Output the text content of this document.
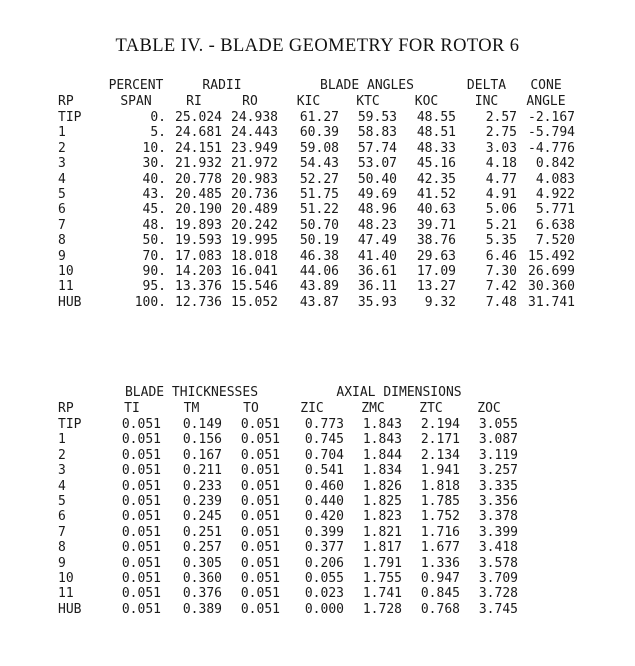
TABLE IV. - BLADE GEOMETRY FOR ROTOR 6
	PERCENT	RADII		BLADE ANGLES			DELTA	CONE
RP	SPAN	RI	RO	KIC	KTC	KOC	INC	ANGLE
TIP	0.	25.024	24.938	61.27	59.53	48.55	2.57	-2.167
1	5.	24.681	24.443	60.39	58.83	48.51	2.75	-5.794
2	10.	24.151	23.949	59.08	57.74	48.33	3.03	-4.776
3	30.	21.932	21.972	54.43	53.07	45.16	4.18	0.842
4	40.	20.778	20.983	52.27	50.40	42.35	4.77	4.083
5	43.	20.485	20.736	51.75	49.69	41.52	4.91	4.922
6	45.	20.190	20.489	51.22	48.96	40.63	5.06	5.771
7	48.	19.893	20.242	50.70	48.23	39.71	5.21	6.638
8	50.	19.593	19.995	50.19	47.49	38.76	5.35	7.520
9	70.	17.083	18.018	46.38	41.40	29.63	6.46	15.492
10	90.	14.203	16.041	44.06	36.61	17.09	7.30	26.699
11	95.	13.376	15.546	43.89	36.11	13.27	7.42	30.360
HUB	100.	12.736	15.052	43.87	35.93	9.32	7.48	31.741
	BLADE THICKNESSES			AXIAL DIMENSIONS			
RP	TI	TM	TO	ZIC	ZMC	ZTC	ZOC
TIP	0.051	0.149	0.051	0.773	1.843	2.194	3.055
1	0.051	0.156	0.051	0.745	1.843	2.171	3.087
2	0.051	0.167	0.051	0.704	1.844	2.134	3.119
3	0.051	0.211	0.051	0.541	1.834	1.941	3.257
4	0.051	0.233	0.051	0.460	1.826	1.818	3.335
5	0.051	0.239	0.051	0.440	1.825	1.785	3.356
6	0.051	0.245	0.051	0.420	1.823	1.752	3.378
7	0.051	0.251	0.051	0.399	1.821	1.716	3.399
8	0.051	0.257	0.051	0.377	1.817	1.677	3.418
9	0.051	0.305	0.051	0.206	1.791	1.336	3.578
10	0.051	0.360	0.051	0.055	1.755	0.947	3.709
11	0.051	0.376	0.051	0.023	1.741	0.845	3.728
HUB	0.051	0.389	0.051	0.000	1.728	0.768	3.745
